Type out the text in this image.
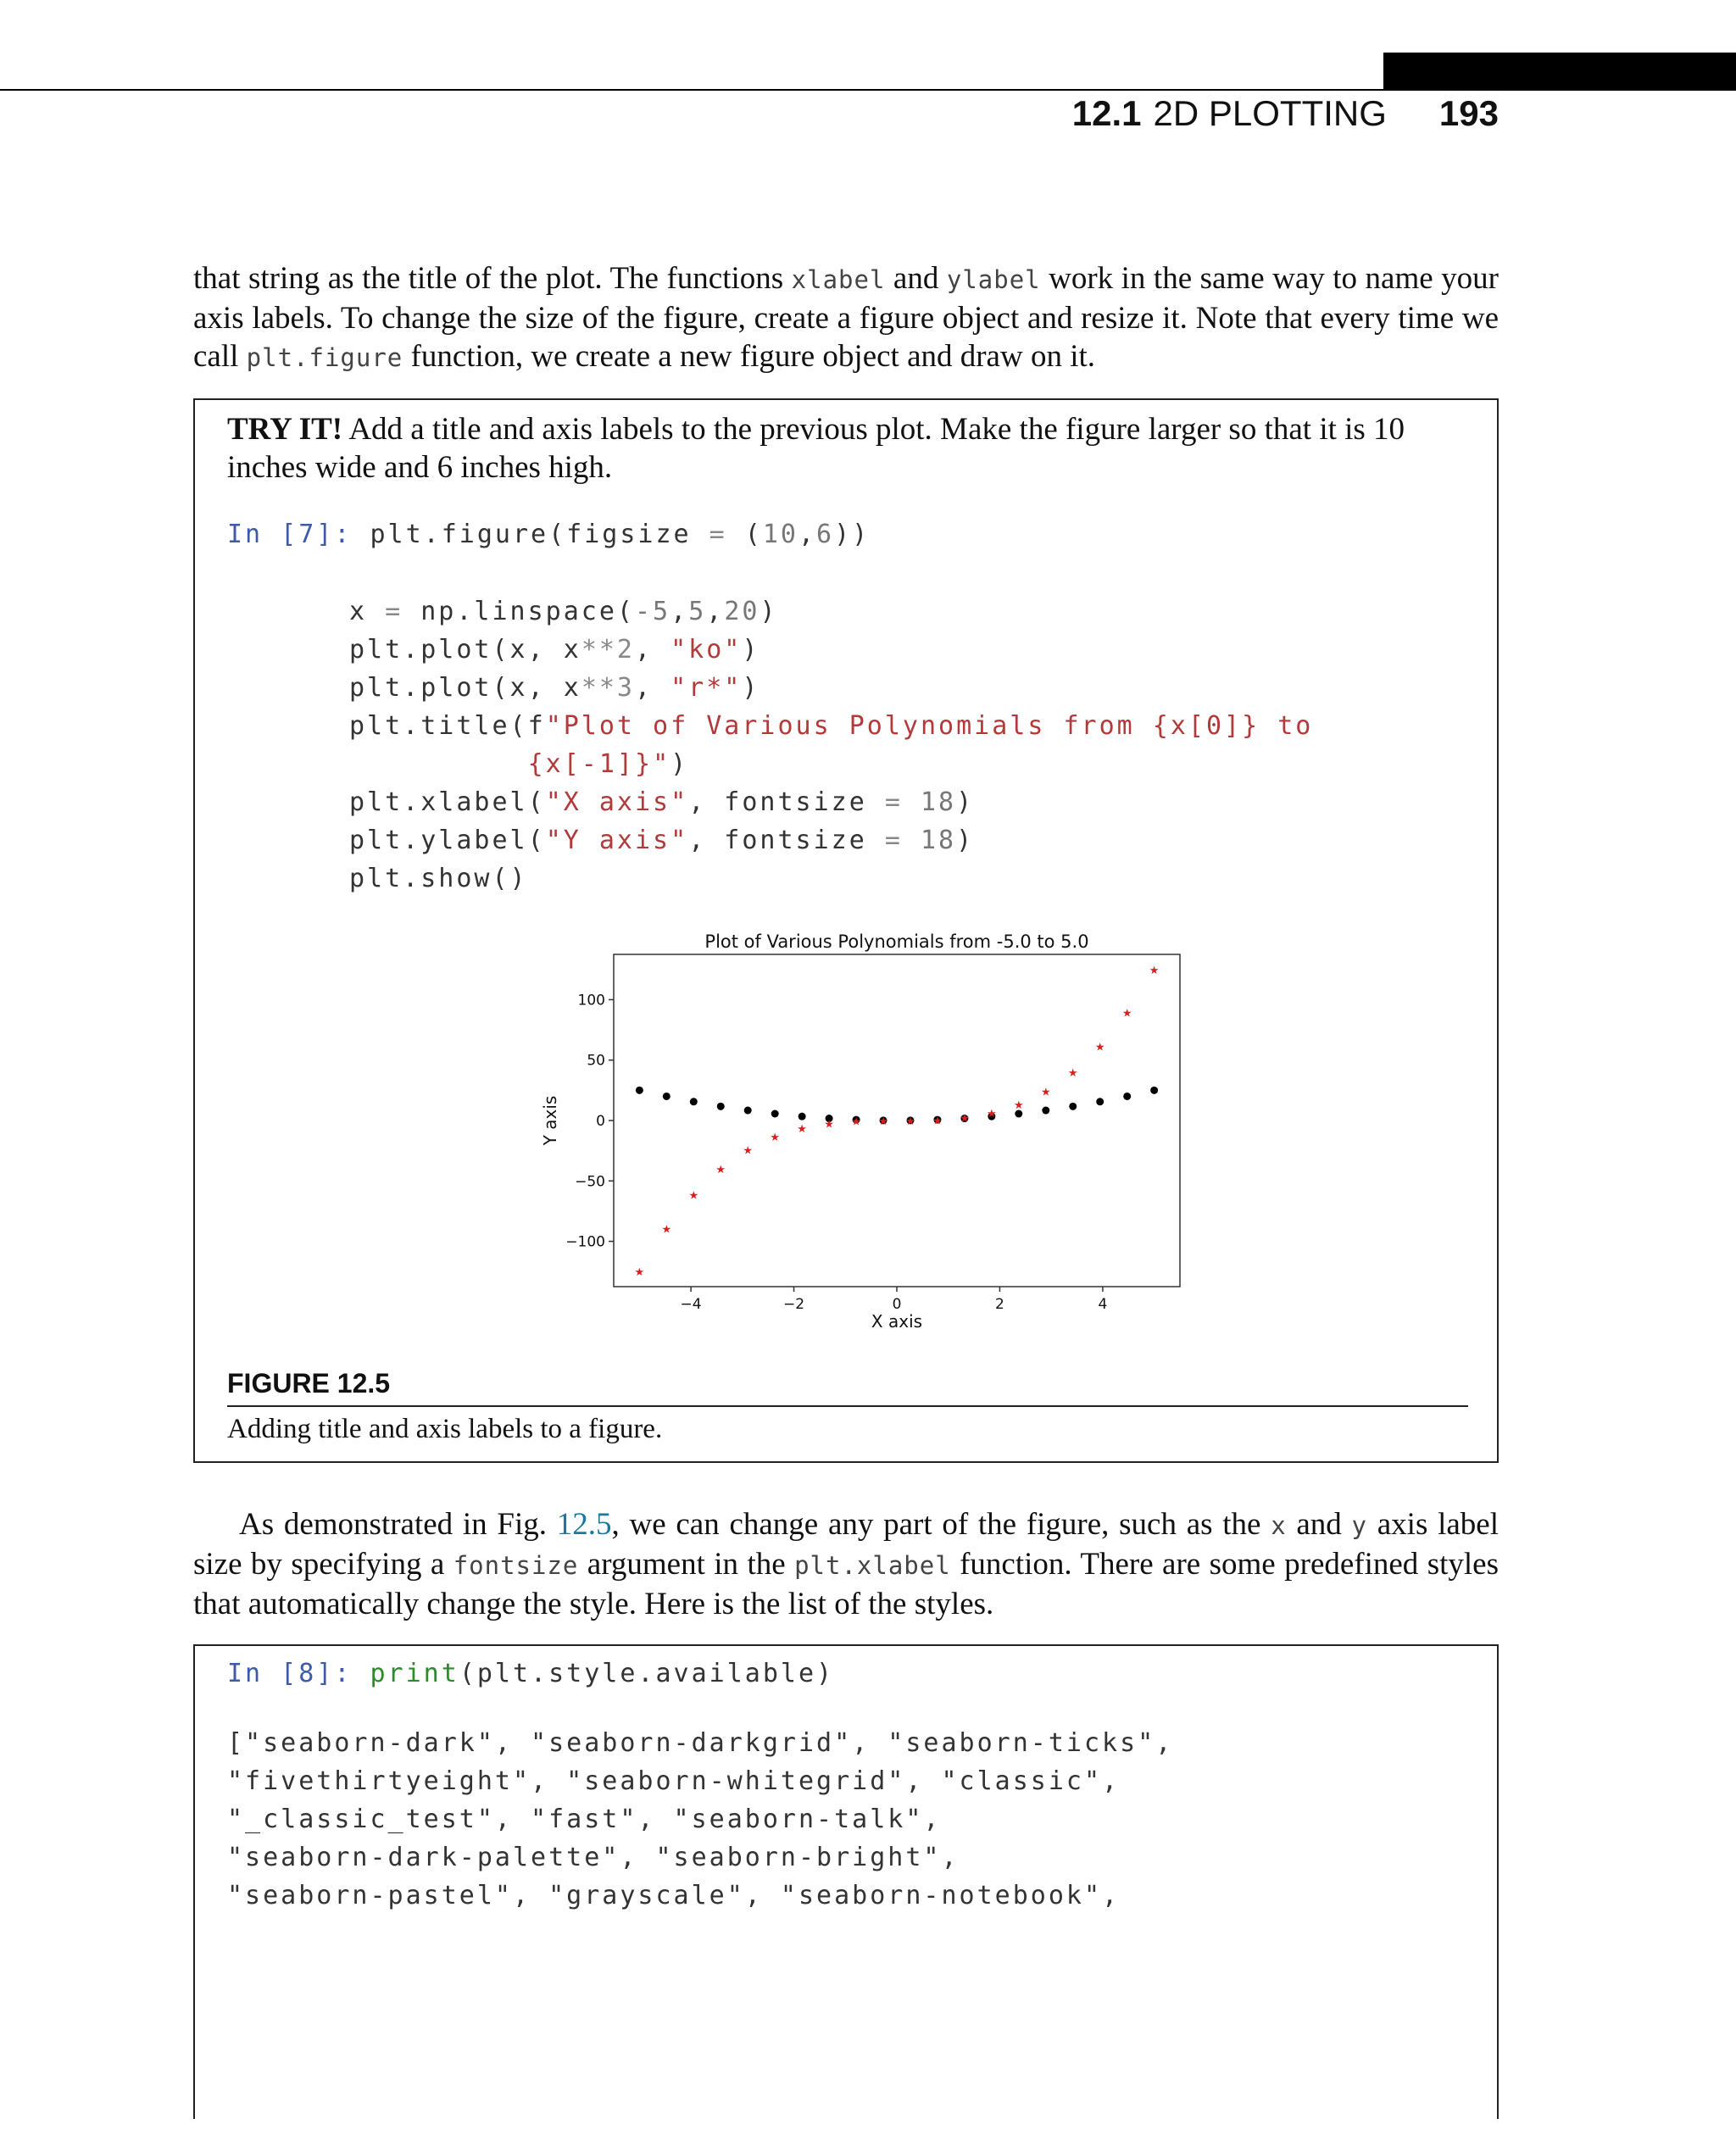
12.1 2D PLOTTING 193
that string as the title of the plot. The functions xlabel and ylabel work in the same way to name your axis labels. To change the size of the figure, create a figure object and resize it. Note that every time we call plt.figure function, we create a new figure object and draw on it.
TRY IT! Add a title and axis labels to the previous plot. Make the figure larger so that it is 10 inches wide and 6 inches high.
In [7]: plt.figure(figsize = (10,6))
x = np.linspace(-5,5,20)
plt.plot(x, x**2, "ko")
plt.plot(x, x**3, "r*")
plt.title(f"Plot of Various Polynomials from {x[0]} to
{x[-1]}")
plt.xlabel("X axis", fontsize = 18)
plt.ylabel("Y axis", fontsize = 18)
plt.show()
Plot of Various Polynomials from -5.0 to 5.0
−100
−50
0
50
100
−4	−2	0	2	4
★
★
★
★
★
★
★ ★ ★ ★ ★ ★ ★ ★
★
★
★
★
★
★
X axis
Y axis
FIGURE 12.5
Adding title and axis labels to a figure.
As demonstrated in Fig. 12.5, we can change any part of the figure, such as the x and y axis label size by specifying a fontsize argument in the plt.xlabel function. There are some predefined styles that automatically change the style. Here is the list of the styles.
In [8]: print(plt.style.available)
["seaborn-dark", "seaborn-darkgrid", "seaborn-ticks",
"fivethirtyeight", "seaborn-whitegrid", "classic",
"_classic_test", "fast", "seaborn-talk",
"seaborn-dark-palette", "seaborn-bright",
"seaborn-pastel", "grayscale", "seaborn-notebook",
